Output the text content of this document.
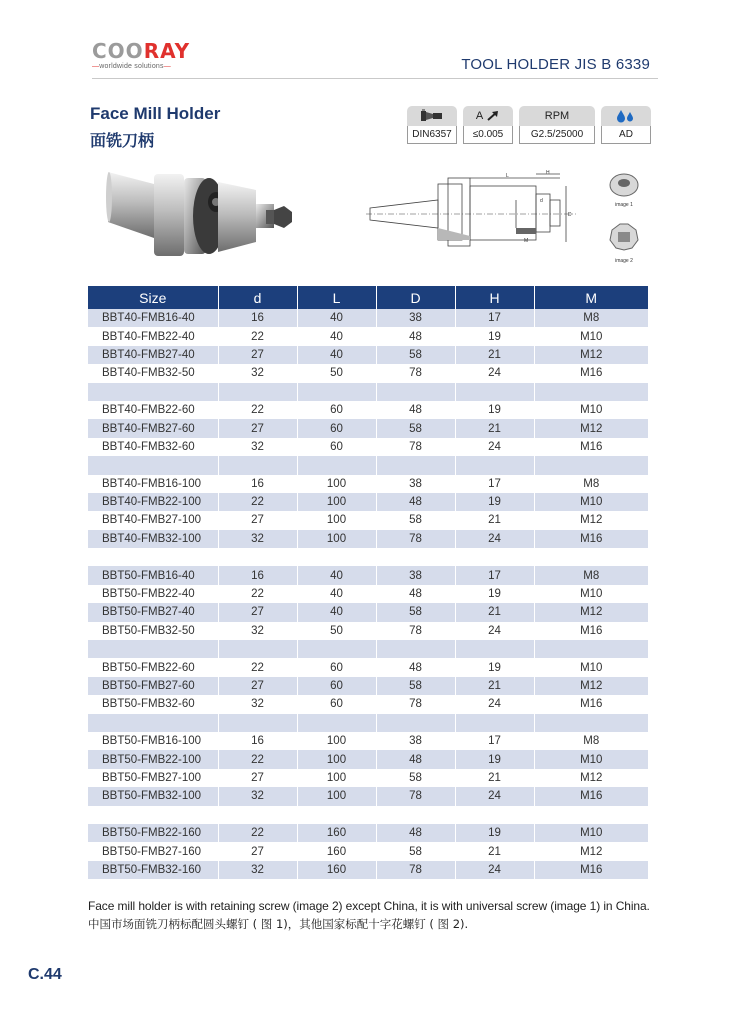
COORAY
—worldwide solutions—	TOOL HOLDER JIS B 6339
Face Mill Holder
面铣刀柄	DIN6357
A
≤0.005
RPM
G2.5/25000	AD
L
H
d
D
M
image 1
image 2
Size	d	L	D	H	M
BBT40-FMB16-40	16	40	38	17	M8
BBT40-FMB22-40	22	40	48	19	M10
BBT40-FMB27-40	27	40	58	21	M12
BBT40-FMB32-50	32	50	78	24	M16

BBT40-FMB22-60	22	60	48	19	M10
BBT40-FMB27-60	27	60	58	21	M12
BBT40-FMB32-60	32	60	78	24	M16

BBT40-FMB16-100	16	100	38	17	M8
BBT40-FMB22-100	22	100	48	19	M10
BBT40-FMB27-100	27	100	58	21	M12
BBT40-FMB32-100	32	100	78	24	M16

BBT50-FMB16-40	16	40	38	17	M8
BBT50-FMB22-40	22	40	48	19	M10
BBT50-FMB27-40	27	40	58	21	M12
BBT50-FMB32-50	32	50	78	24	M16

BBT50-FMB22-60	22	60	48	19	M10
BBT50-FMB27-60	27	60	58	21	M12
BBT50-FMB32-60	32	60	78	24	M16

BBT50-FMB16-100	16	100	38	17	M8
BBT50-FMB22-100	22	100	48	19	M10
BBT50-FMB27-100	27	100	58	21	M12
BBT50-FMB32-100	32	100	78	24	M16

BBT50-FMB22-160	22	160	48	19	M10
BBT50-FMB27-160	27	160	58	21	M12
BBT50-FMB32-160	32	160	78	24	M16
Face mill holder is with retaining screw (image 2) except China, it is with universal screw (image 1) in China.
中国市场面铣刀柄标配圆头螺钉 ( 图 1)，其他国家标配十字花螺钉 ( 图 2).
C.44
